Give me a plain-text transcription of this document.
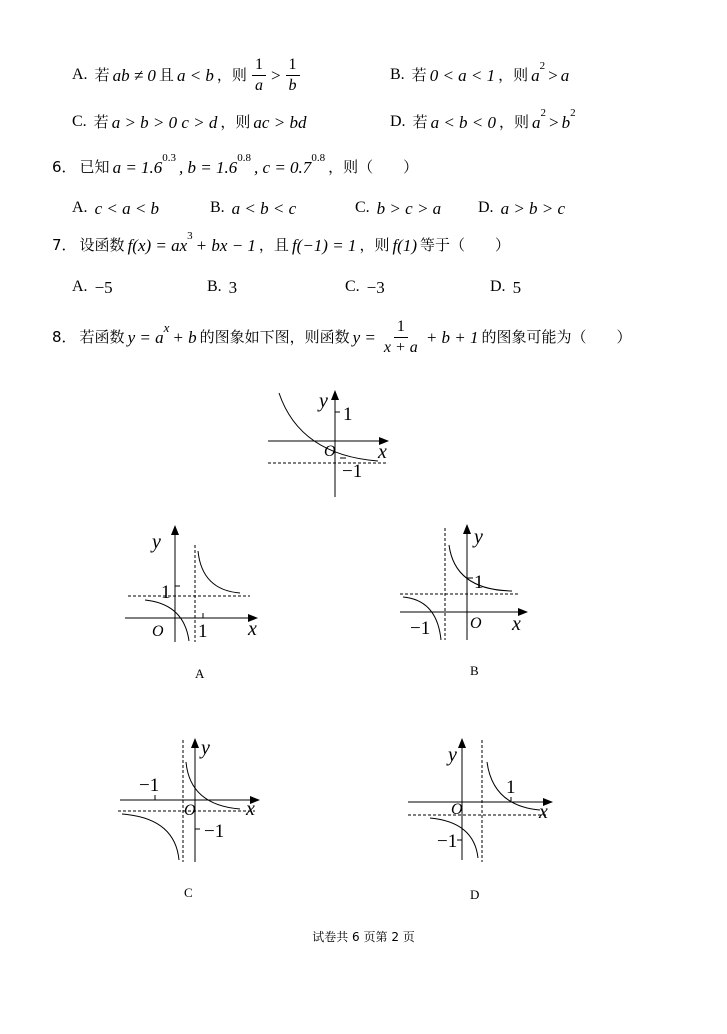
A. 若 ab ≠ 0 且 a < b ，则 $\frac{1}{a} > \frac{1}{b}$	B. 若 0 < a < 1 ，则 a 2 > a
C. 若 a > b > 0 c > d ，则 ac > bd	D. 若 a < b < 0 ，则 a 2 > b 2
6． 已知 a = 1.6 0.3 , b = 1.6 0.8 , c = 0.7 0.8 ，则（　　）
A. c < a < b	B. a < b < c	C. b > c > a D. a > b > c
7． 设函数 f(x) = ax 3 + bx − 1 ，且 f(−1) = 1 ，则 f(1) 等于（　　）
A. −5	B. 3	C. −3	D. 5
8． 若函数 y = a x + b 的图象如下图，则函数 $y = \frac{1}{x + a} + b + 1$ 的图象可能为（　　）
y
1
O x
−1
y
1
O 1 x
A
y
1
−1 O x
B
y
−1
O	x
−1
C
y
1
O	x
−1
D
试卷共 6 页第 2 页
